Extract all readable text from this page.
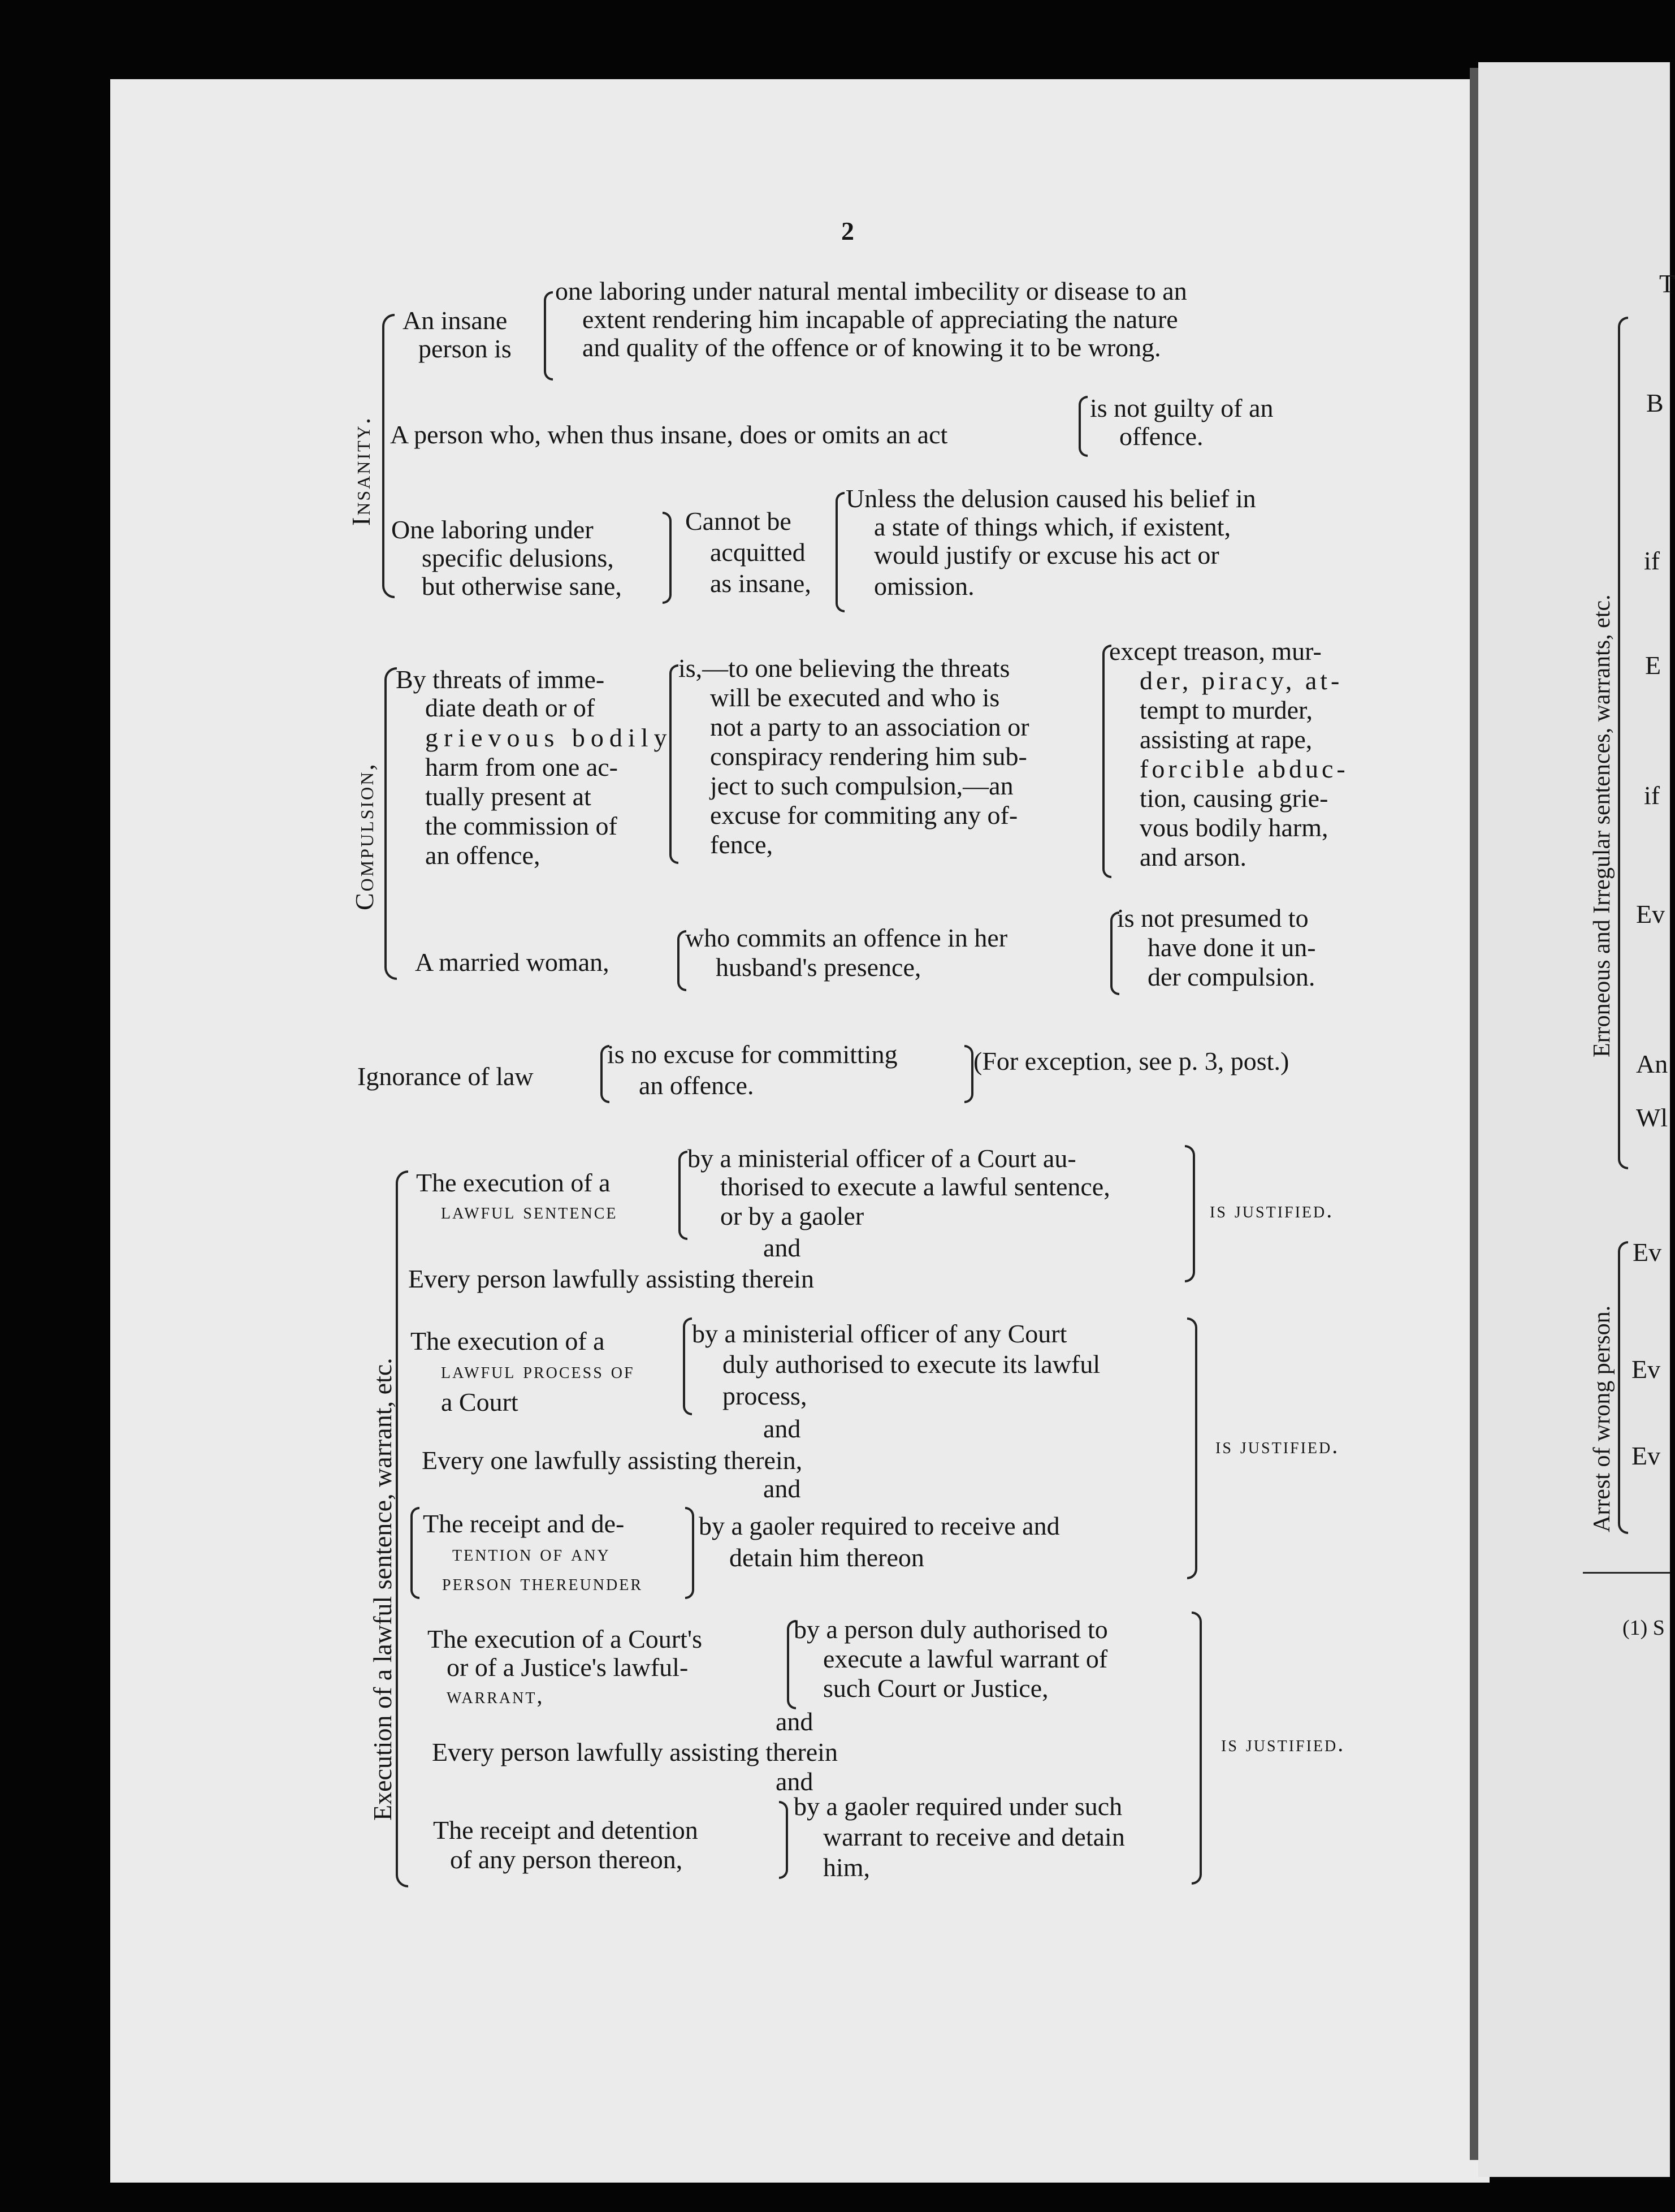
2
Insanity.
An insane
person is
one laboring under natural mental imbecility or disease to an
extent rendering him incapable of appreciating the nature
and quality of the offence or of knowing it to be wrong.
A person who, when thus insane, does or omits an act
is not guilty of an
offence.
One laboring under
specific delusions,
but otherwise sane,
Cannot be
acquitted
as insane,
Unless the delusion caused his belief in
a state of things which, if existent,
would justify or excuse his act or
omission.
Compulsion,
By threats of imme-
diate death or of
grievous bodily
harm from one ac-
tually present at
the commission of
an offence,
is,—to one believing the threats
will be executed and who is
not a party to an association or
conspiracy rendering him sub-
ject to such compulsion,—an
excuse for commiting any of-
fence,
except treason, mur-
der, piracy, at-
tempt to murder,
assisting at rape,
forcible abduc-
tion, causing grie-
vous bodily harm,
and arson.
A married woman,
who commits an offence in her
husband's presence,
is not presumed to
have done it un-
der compulsion.
Ignorance of law
is no excuse for committing
an offence.
(For exception, see p. 3, post.)
Execution of a lawful sentence, warrant, etc.
The execution of a
lawful sentence
by a ministerial officer of a Court au-
thorised to execute a lawful sentence,
or by a gaoler
and
Every person lawfully assisting therein
is justified.
The execution of a
lawful process of
a Court
by a ministerial officer of any Court
duly authorised to execute its lawful
process,
and
Every one lawfully assisting therein,
and
The receipt and de-
tention of any
person thereunder
by a gaoler required to receive and
detain him thereon
is justified.
The execution of a Court's
or of a Justice's lawful-
warrant,
by a person duly authorised to
execute a lawful warrant of
such Court or Justice,
and
Every person lawfully assisting therein
and
The receipt and detention
of any person thereon,
by a gaoler required under such
warrant to receive and detain
him,
is justified.
T
B
if
E
if
Ev
An
Wl
Ev
Ev
Ev
(1) S
Erroneous and Irregular sentences, warrants, etc.
Arrest of wrong person.
